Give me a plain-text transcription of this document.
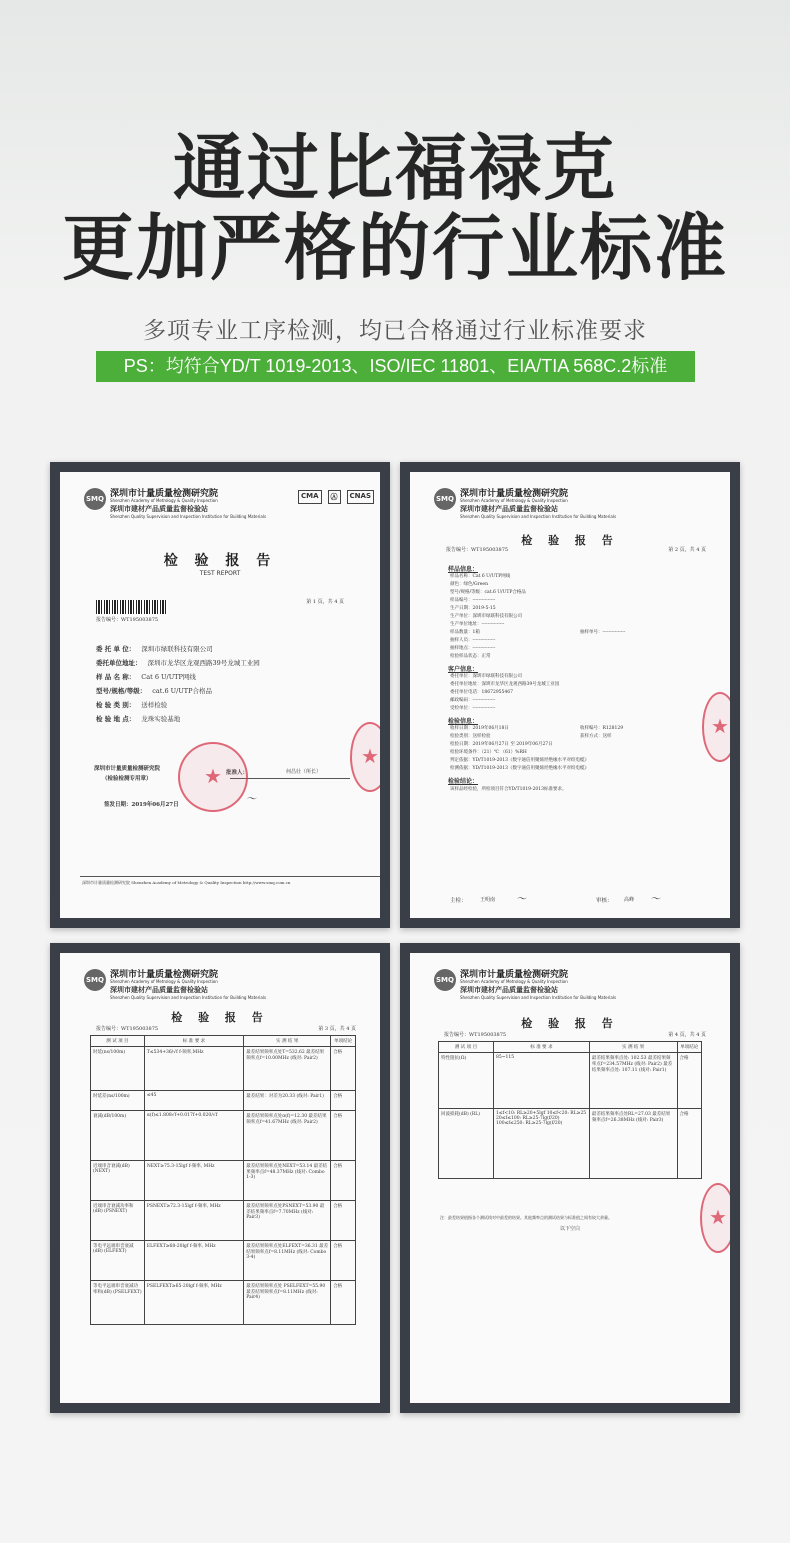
通过比福禄克
更加严格的行业标准
多项专业工序检测，均已合格通过行业标准要求
PS：均符合YD/T 1019-2013、ISO/IEC 11801、EIA/TIA 568C.2标准
SMQ 深圳市计量质量检测研究院
Shenzhen Academy of Metrology & Quality Inspection
深圳市建材产品质量监督检验站
Shenzhen Quality Supervision and Inspection Institution for Building Materials
CMA	Ⓐ	CNAS
检 验 报 告
TEST REPORT
报告编号：WT195003875
第 1 页，共 4 页
委 托 单 位： 深圳市绿联科技有限公司
委托单位地址： 深圳市龙华区龙观西路39号龙城工业园
样 品 名 称： Cat 6 U/UTP网线
型号/规格/等级： cat.6 U/UTP合格品
检 验 类 别： 送样检验
检 验 地 点： 龙珠实验基地
深圳市计量质量检测研究院
（检验检测专用章）
批准人：	何昌壮（所长）
签发日期：2019年06月27日	～
★
★
深圳市计量质量检测研究院 Shenzhen Academy of Metrology & Quality Inspection http://www.smq.com.cn
SMQ 深圳市计量质量检测研究院
Shenzhen Academy of Metrology & Quality Inspection
深圳市建材产品质量监督检验站
Shenzhen Quality Supervision and Inspection Institution for Building Materials
检 验 报 告
报告编号：WT195003875	第 2 页，共 4 页
样品信息：
样品名称：Cat 6 U/UTP网线
颜色：绿色/Green
型号/规格/等级：cat.6 U/UTP合格品
样品编号：---------------
生产日期：2019-5-15
生产单位：深圳市绿联科技有限公司
生产单位地址：---------------
样品数量：1箱	抽样单号：---------------
抽样人员：---------------
抽样地点：---------------
检验样品状态：正常
客户信息：
委托单位：深圳市绿联科技有限公司
委托单位地址：深圳市龙华区龙观西路39号龙城工业园
委托单位电话：18672955467
邮政编码：---------------
受检单位：---------------
检验信息：
收样日期：2019年06月18日	收样编号：R128129
检验类别：送样检验	获样方式：送样
检验日期：2019年06月27日 至 2019年06月27日
检验环境条件：（21）℃ （61）%RH
判定依据：YD/T1019-2013《数字通信用聚烯烃绝缘水平对绞电缆》
检测依据：YD/T1019-2013《数字通信用聚烯烃绝缘水平对绞电缆》
检验结论：
该样品经检验，所检项目符合YD/T1019-2013标准要求。
★
主检：	王明南 ～	审核： 高峰 ～
SMQ 深圳市计量质量检测研究院
Shenzhen Academy of Metrology & Quality Inspection
深圳市建材产品质量监督检验站
Shenzhen Quality Supervision and Inspection Institution for Building Materials
检 验 报 告
报告编号：WT195003875	第 3 页，共 4 页
测 试 项 目	标 准 要 求	实 测 结 果	单项结论
时延(ns/100m)	T≤534+36/√f f-频率,MHz	最差结果频率点处T=532.62 最差结果频率点f=10.00MHz (线对: Pair2)	合格
时延差(ns/100m)	≤45	最差结果：对差为20.33 (线对: Pair1)	合格
衰减(dB/100m)	α(f)≤1.808√f+0.017f+0.020/√f	最差结果频率点处α(f)=12.30 最差结果频率点f=41.67MHz (线对: Pair2)	合格
近端串音衰减(dB) (NEXT)	NEXT≥75.3-15lgf f-频率, MHz	最差结果频率点处NEXT=53.14 最差结果频率点f=48.37MHz (线对: Combo 1-3)	合格
近端串音衰减功率和(dB) (PSNEXT)	PSNEXT≥72.3-15lgf f-频率, MHz	最差结果频率点处PSNEXT=53.90 最差结果频率点f=7.70MHz (线对: Pair3)	合格
等电平远端串音衰减(dB) (ELFEXT)	ELFEXT≥68-20lgf f-频率, MHz	最差结果频率点处ELFEXT=36.31 最差结果频率点f=8.11MHz (线对: Combo 3-4)	合格
等电平远端串音衰减功率和(dB) (PSELFEXT)	PSELFEXT≥65-20lgf f-频率, MHz	最差结果频率点处 PSELFEXT=55.90 最差结果频率点f=8.11MHz (线对: Pair4)	合格
SMQ 深圳市计量质量检测研究院
Shenzhen Academy of Metrology & Quality Inspection
深圳市建材产品质量监督检验站
Shenzhen Quality Supervision and Inspection Institution for Building Materials
检 验 报 告
报告编号：WT195003875	第 4 页，共 4 页
测 试 项 目	标 准 要 求	实 测 结 果	单项结论
特性阻抗(Ω)	85~115	最差结果频率点处: 102.53 最差结果频率点f=234.57MHz (线对: Pair2) 最差结果频率点处: 107.11 (线对: Pair1)	合格
回波损耗(dB) (RL)	1≤f<10: RL≥20+5lgf 10≤f<20: RL≥25 20≤f≤100: RL≥25-7lg(f/20) 100≤f≤250: RL≥25-7lg(f/20)	最差结果频率点处RL=27.03 最差结果频率点f=26.38MHz (线对: Pair3)	合格
注：最差结果值指各个测试线对中最差的结果。其他频率点的测试结果与标准值之间有较大余量。
以下空白
★
